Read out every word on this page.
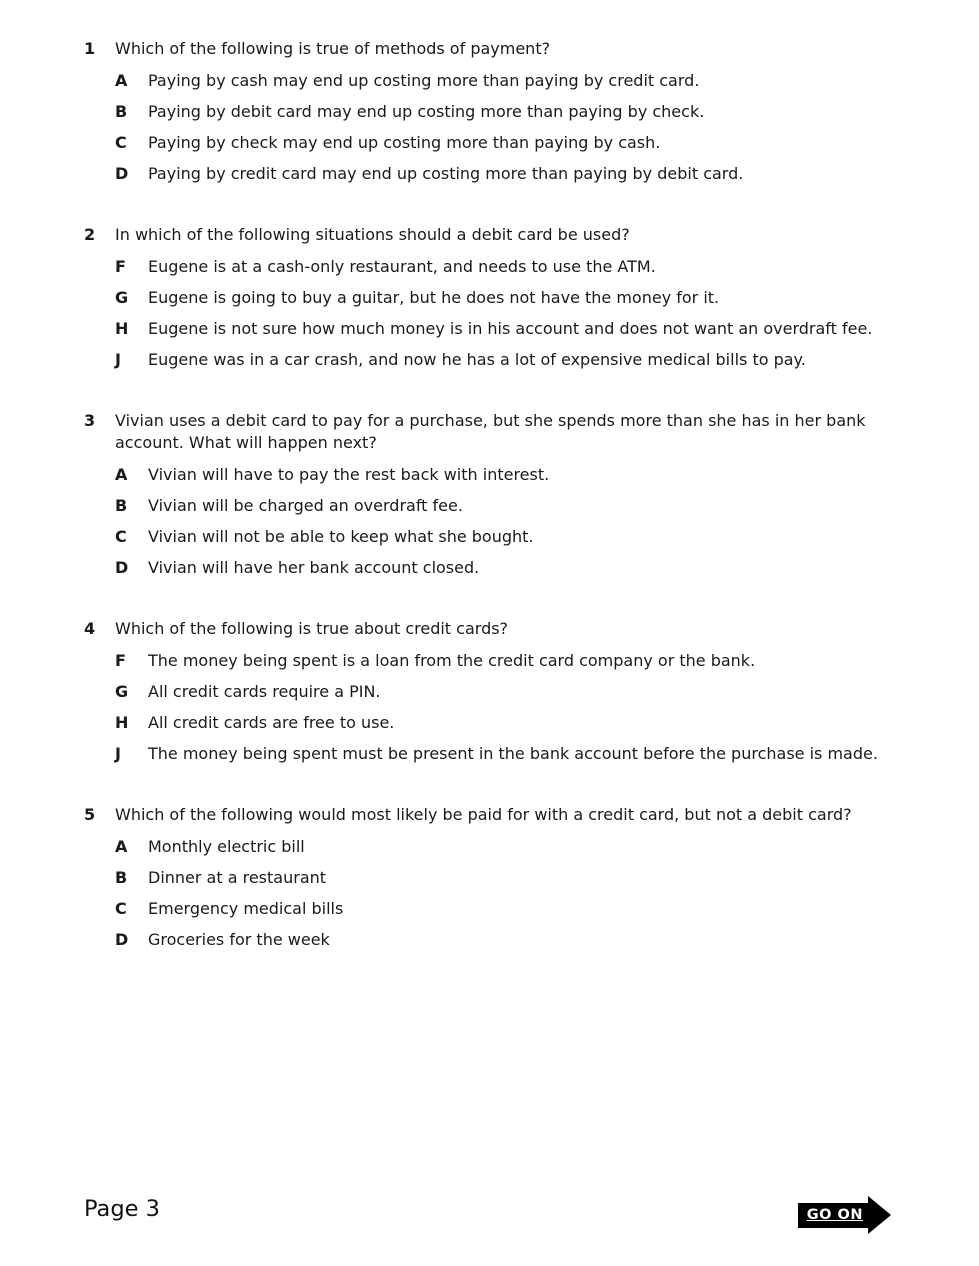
1	Which of the following is true of methods of payment?
A	Paying by cash may end up costing more than paying by credit card.
B	Paying by debit card may end up costing more than paying by check.
C	Paying by check may end up costing more than paying by cash.
D	Paying by credit card may end up costing more than paying by debit card.
2	In which of the following situations should a debit card be used?
F	Eugene is at a cash-only restaurant, and needs to use the ATM.
G	Eugene is going to buy a guitar, but he does not have the money for it.
H	Eugene is not sure how much money is in his account and does not want an overdraft fee.
J	Eugene was in a car crash, and now he has a lot of expensive medical bills to pay.
3	Vivian uses a debit card to pay for a purchase, but she spends more than she has in her bank account. What will happen next?
A	Vivian will have to pay the rest back with interest.
B	Vivian will be charged an overdraft fee.
C	Vivian will not be able to keep what she bought.
D	Vivian will have her bank account closed.
4	Which of the following is true about credit cards?
F	The money being spent is a loan from the credit card company or the bank.
G	All credit cards require a PIN.
H	All credit cards are free to use.
J	The money being spent must be present in the bank account before the purchase is made.
5	Which of the following would most likely be paid for with a credit card, but not a debit card?
A	Monthly electric bill
B	Dinner at a restaurant
C	Emergency medical bills
D	Groceries for the week
Page 3	GO ON
